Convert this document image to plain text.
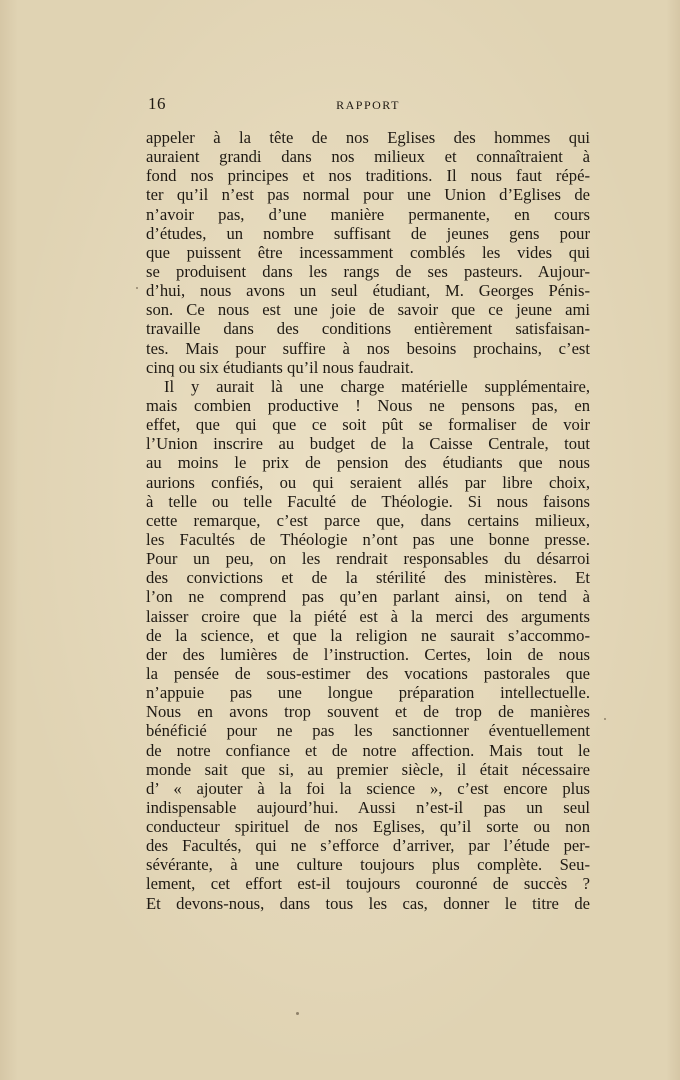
16	RAPPORT
appeler à la tête de nos Eglises des hommes qui
auraient grandi dans nos milieux et connaîtraient à
fond nos principes et nos traditions. Il nous faut répé-
ter qu’il n’est pas normal pour une Union d’Eglises de
n’avoir pas, d’une manière permanente, en cours
d’études, un nombre suffisant de jeunes gens pour
que puissent être incessamment comblés les vides qui
se produisent dans les rangs de ses pasteurs. Aujour-
d’hui, nous avons un seul étudiant, M. Georges Pénis-
son. Ce nous est une joie de savoir que ce jeune ami
travaille dans des conditions entièrement satisfaisan-
tes. Mais pour suffire à nos besoins prochains, c’est
cinq ou six étudiants qu’il nous faudrait.
Il y aurait là une charge matérielle supplémentaire,
mais combien productive ! Nous ne pensons pas, en
effet, que qui que ce soit pût se formaliser de voir
l’Union inscrire au budget de la Caisse Centrale, tout
au moins le prix de pension des étudiants que nous
aurions confiés, ou qui seraient allés par libre choix,
à telle ou telle Faculté de Théologie. Si nous faisons
cette remarque, c’est parce que, dans certains milieux,
les Facultés de Théologie n’ont pas une bonne presse.
Pour un peu, on les rendrait responsables du désarroi
des convictions et de la stérilité des ministères. Et
l’on ne comprend pas qu’en parlant ainsi, on tend à
laisser croire que la piété est à la merci des arguments
de la science, et que la religion ne saurait s’accommo-
der des lumières de l’instruction. Certes, loin de nous
la pensée de sous-estimer des vocations pastorales que
n’appuie pas une longue préparation intellectuelle.
Nous en avons trop souvent et de trop de manières
bénéficié pour ne pas les sanctionner éventuellement
de notre confiance et de notre affection. Mais tout le
monde sait que si, au premier siècle, il était nécessaire
d’ « ajouter à la foi la science », c’est encore plus
indispensable aujourd’hui. Aussi n’est-il pas un seul
conducteur spirituel de nos Eglises, qu’il sorte ou non
des Facultés, qui ne s’efforce d’arriver, par l’étude per-
sévérante, à une culture toujours plus complète. Seu-
lement, cet effort est-il toujours couronné de succès ?
Et devons-nous, dans tous les cas, donner le titre de
